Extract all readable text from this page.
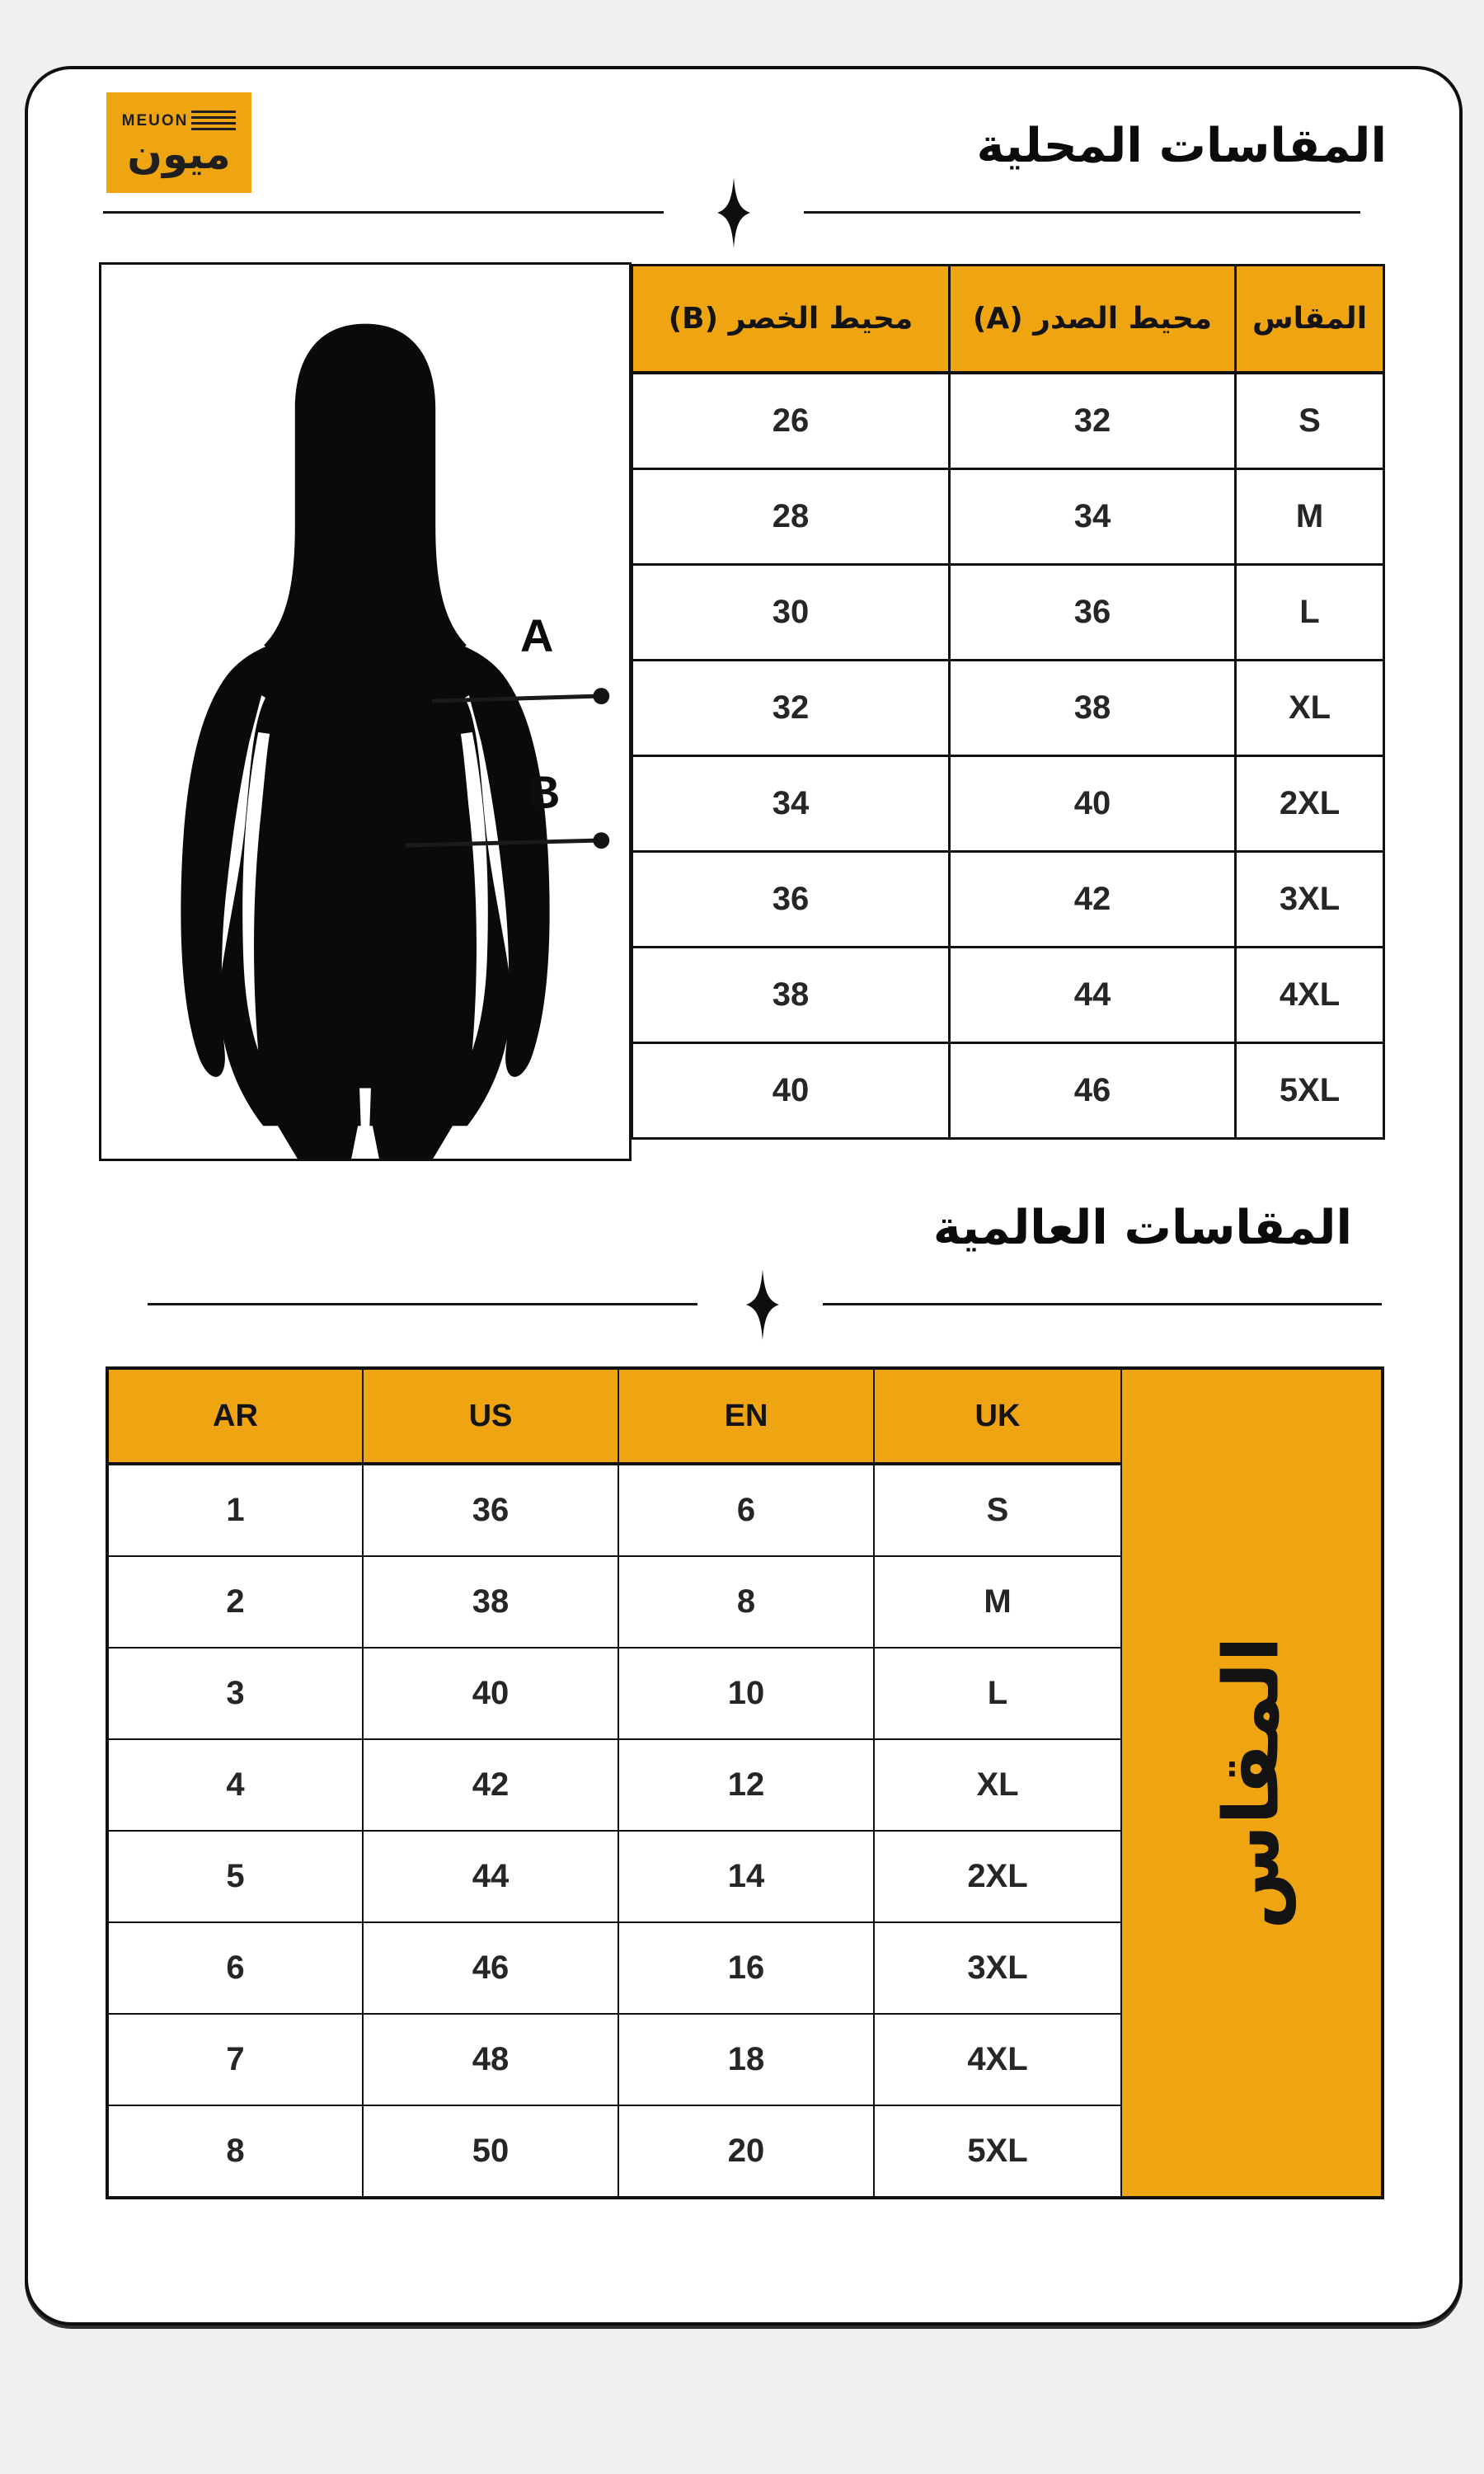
MEUON
ميون	المقاسات المحلية
A
B
المقاس	محيط الصدر (A)	محيط الخصر (B)
S	32	26
M	34	28
L	36	30
XL	38	32
2XL	40	34
3XL	42	36
4XL	44	38
5XL	46	40
المقاسات العالمية
AR	US	EN	UK	المقاس

1	36	6	S	
2	38	8	M	
3	40	10	L	
4	42	12	XL	
5	44	14	2XL	
6	46	16	3XL	
7	48	18	4XL	
8	50	20	5XL	
